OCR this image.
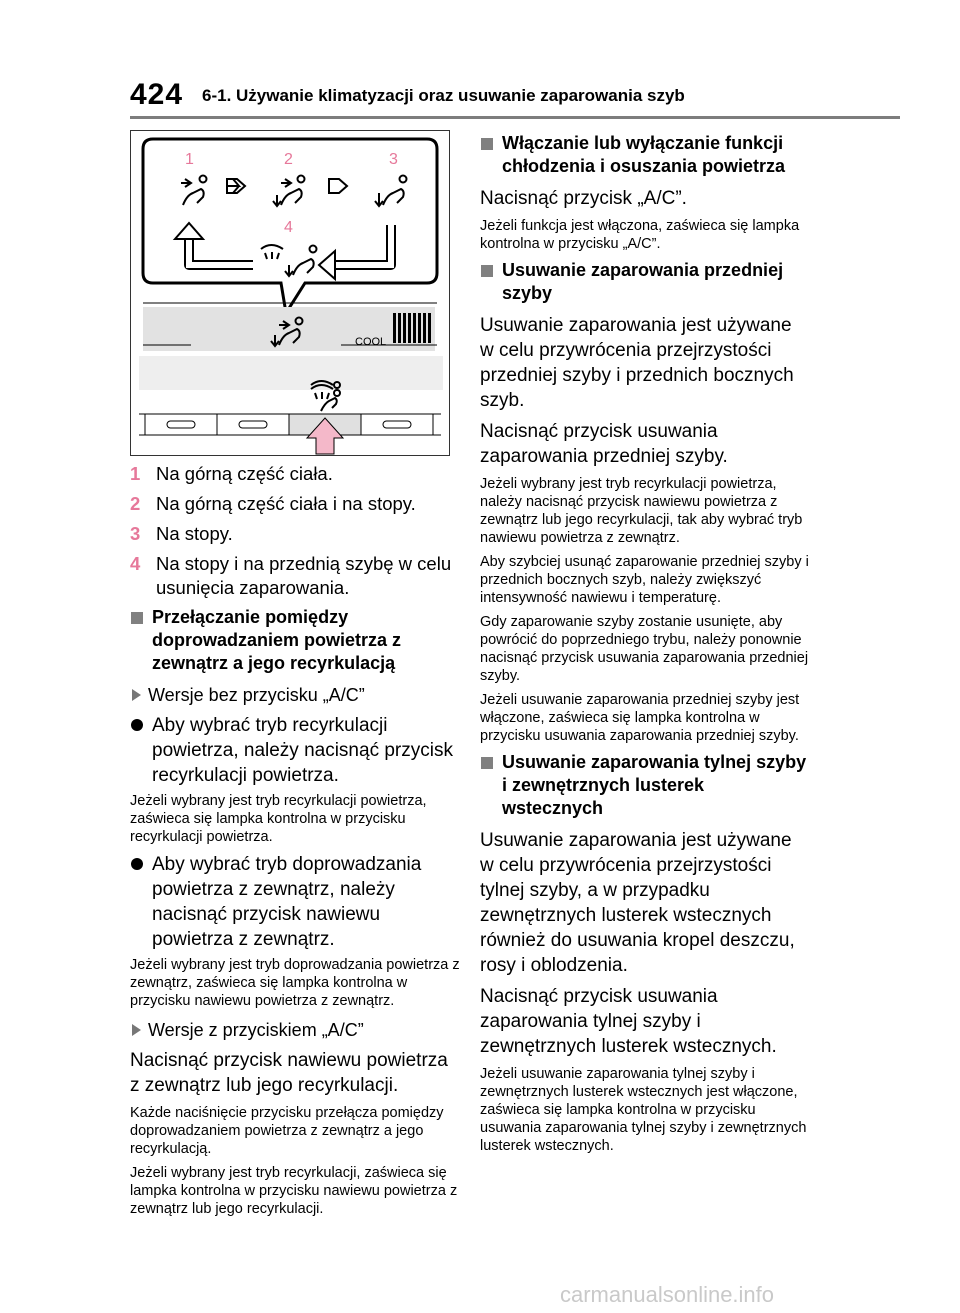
424 6-1. Używanie klimatyzacji oraz usuwanie zaparowania szyb
1	2	3
4
COOL
1 Na górną część ciała.
2 Na górną część ciała i na stopy.
3 Na stopy.
4 Na stopy i na przednią szybę w celu usunięcia zaparowania.
Przełączanie pomiędzy doprowadzaniem powietrza z zewnątrz a jego recyrkulacją
Wersje bez przycisku „A/C”
Aby wybrać tryb recyrkulacji powietrza, należy nacisnąć przycisk recyrkulacji powietrza.
Jeżeli wybrany jest tryb recyrkulacji powietrza, zaświeca się lampka kontrolna w przycisku recyrkulacji powietrza.
Aby wybrać tryb doprowadzania powietrza z zewnątrz, należy nacisnąć przycisk nawiewu powietrza z zewnątrz.
Jeżeli wybrany jest tryb doprowadzania powietrza z zewnątrz, zaświeca się lampka kontrolna w przycisku nawiewu powietrza z zewnątrz.
Wersje z przyciskiem „A/C”
Nacisnąć przycisk nawiewu powietrza z zewnątrz lub jego recyrkulacji.
Każde naciśnięcie przycisku przełącza pomiędzy doprowadzaniem powietrza z zewnątrz a jego recyrkulacją.
Jeżeli wybrany jest tryb recyrkulacji, zaświeca się lampka kontrolna w przycisku nawiewu powietrza z zewnątrz lub jego recyrkulacji.
Włączanie lub wyłączanie funkcji chłodzenia i osuszania powietrza
Nacisnąć przycisk „A/C”.
Jeżeli funkcja jest włączona, zaświeca się lampka kontrolna w przycisku „A/C”.
Usuwanie zaparowania przedniej szyby
Usuwanie zaparowania jest używane w celu przywrócenia przejrzystości przedniej szyby i przednich bocznych szyb.
Nacisnąć przycisk usuwania zaparowania przedniej szyby.
Jeżeli wybrany jest tryb recyrkulacji powietrza, należy nacisnąć przycisk nawiewu powietrza z zewnątrz lub jego recyrkulacji, tak aby wybrać tryb nawiewu powietrza z zewnątrz.
Aby szybciej usunąć zaparowanie przedniej szyby i przednich bocznych szyb, należy zwiększyć intensywność nawiewu i temperaturę.
Gdy zaparowanie szyby zostanie usunięte, aby powrócić do poprzedniego trybu, należy ponownie nacisnąć przycisk usuwania zaparowania przedniej szyby.
Jeżeli usuwanie zaparowania przedniej szyby jest włączone, zaświeca się lampka kontrolna w przycisku usuwania zaparowania przedniej szyby.
Usuwanie zaparowania tylnej szyby i zewnętrznych lusterek wstecznych
Usuwanie zaparowania jest używane w celu przywrócenia przejrzystości tylnej szyby, a w przypadku zewnętrznych lusterek wstecznych również do usuwania kropel deszczu, rosy i oblodzenia.
Nacisnąć przycisk usuwania zaparowania tylnej szyby i zewnętrznych lusterek wstecznych.
Jeżeli usuwanie zaparowania tylnej szyby i zewnętrznych lusterek wstecznych jest włączone, zaświeca się lampka kontrolna w przycisku usuwania zaparowania tylnej szyby i zewnętrznych lusterek wstecznych.
carmanualsonline.info
